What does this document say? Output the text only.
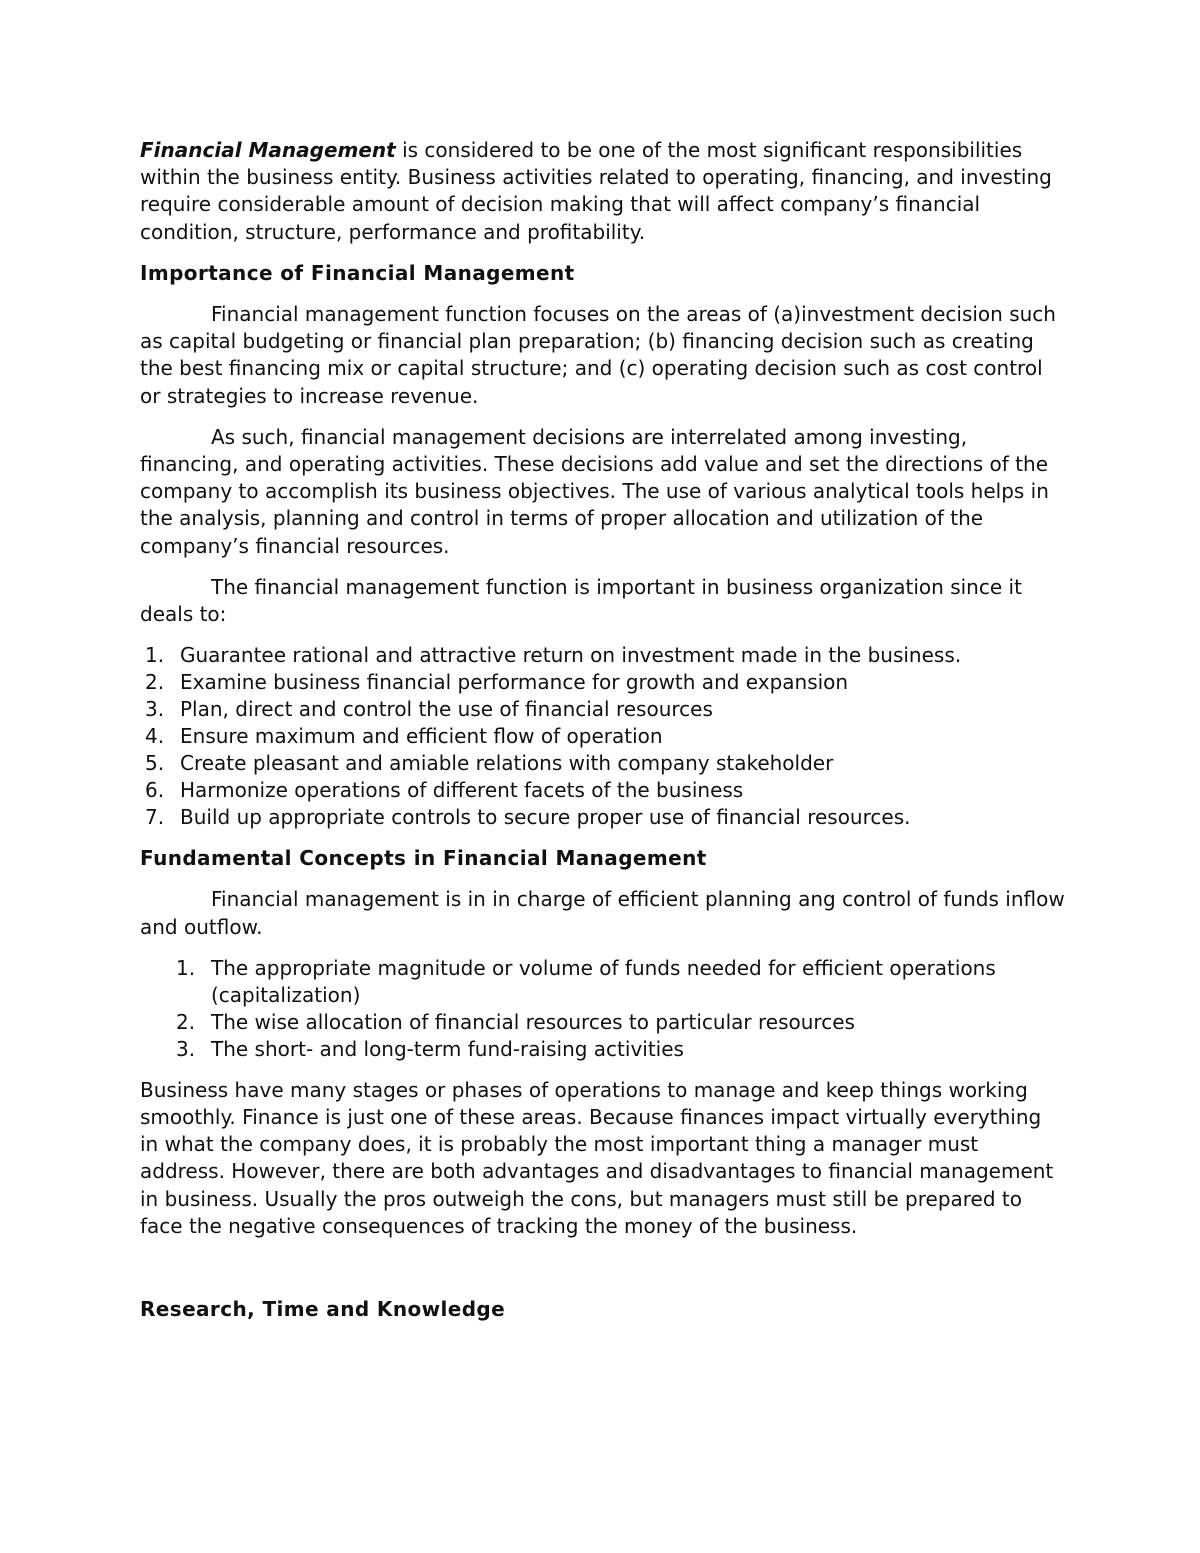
Financial Management is considered to be one of the most significant responsibilities within the business entity. Business activities related to operating, financing, and investing require considerable amount of decision making that will affect company’s financial condition, structure, performance and profitability.

Importance of Financial Management

Financial management function focuses on the areas of (a)investment decision such as capital budgeting or financial plan preparation; (b) financing decision such as creating the best financing mix or capital structure; and (c) operating decision such as cost control or strategies to increase revenue.

As such, financial management decisions are interrelated among investing, financing, and operating activities. These decisions add value and set the directions of the company to accomplish its business objectives. The use of various analytical tools helps in the analysis, planning and control in terms of proper allocation and utilization of the company’s financial resources.

The financial management function is important in business organization since it deals to:

1. Guarantee rational and attractive return on investment made in the business.
2. Examine business financial performance for growth and expansion
3. Plan, direct and control the use of financial resources
4. Ensure maximum and efficient flow of operation
5. Create pleasant and amiable relations with company stakeholder
6. Harmonize operations of different facets of the business
7. Build up appropriate controls to secure proper use of financial resources.
Fundamental Concepts in Financial Management

Financial management is in in charge of efficient planning ang control of funds inflow and outflow.

1. The appropriate magnitude or volume of funds needed for efficient operations (capitalization)
2. The wise allocation of financial resources to particular resources
3. The short- and long-term fund-raising activities

Business have many stages or phases of operations to manage and keep things working smoothly. Finance is just one of these areas. Because finances impact virtually everything in what the company does, it is probably the most important thing a manager must address. However, there are both advantages and disadvantages to financial management in business. Usually the pros outweigh the cons, but managers must still be prepared to face the negative consequences of tracking the money of the business.

Research, Time and Knowledge
